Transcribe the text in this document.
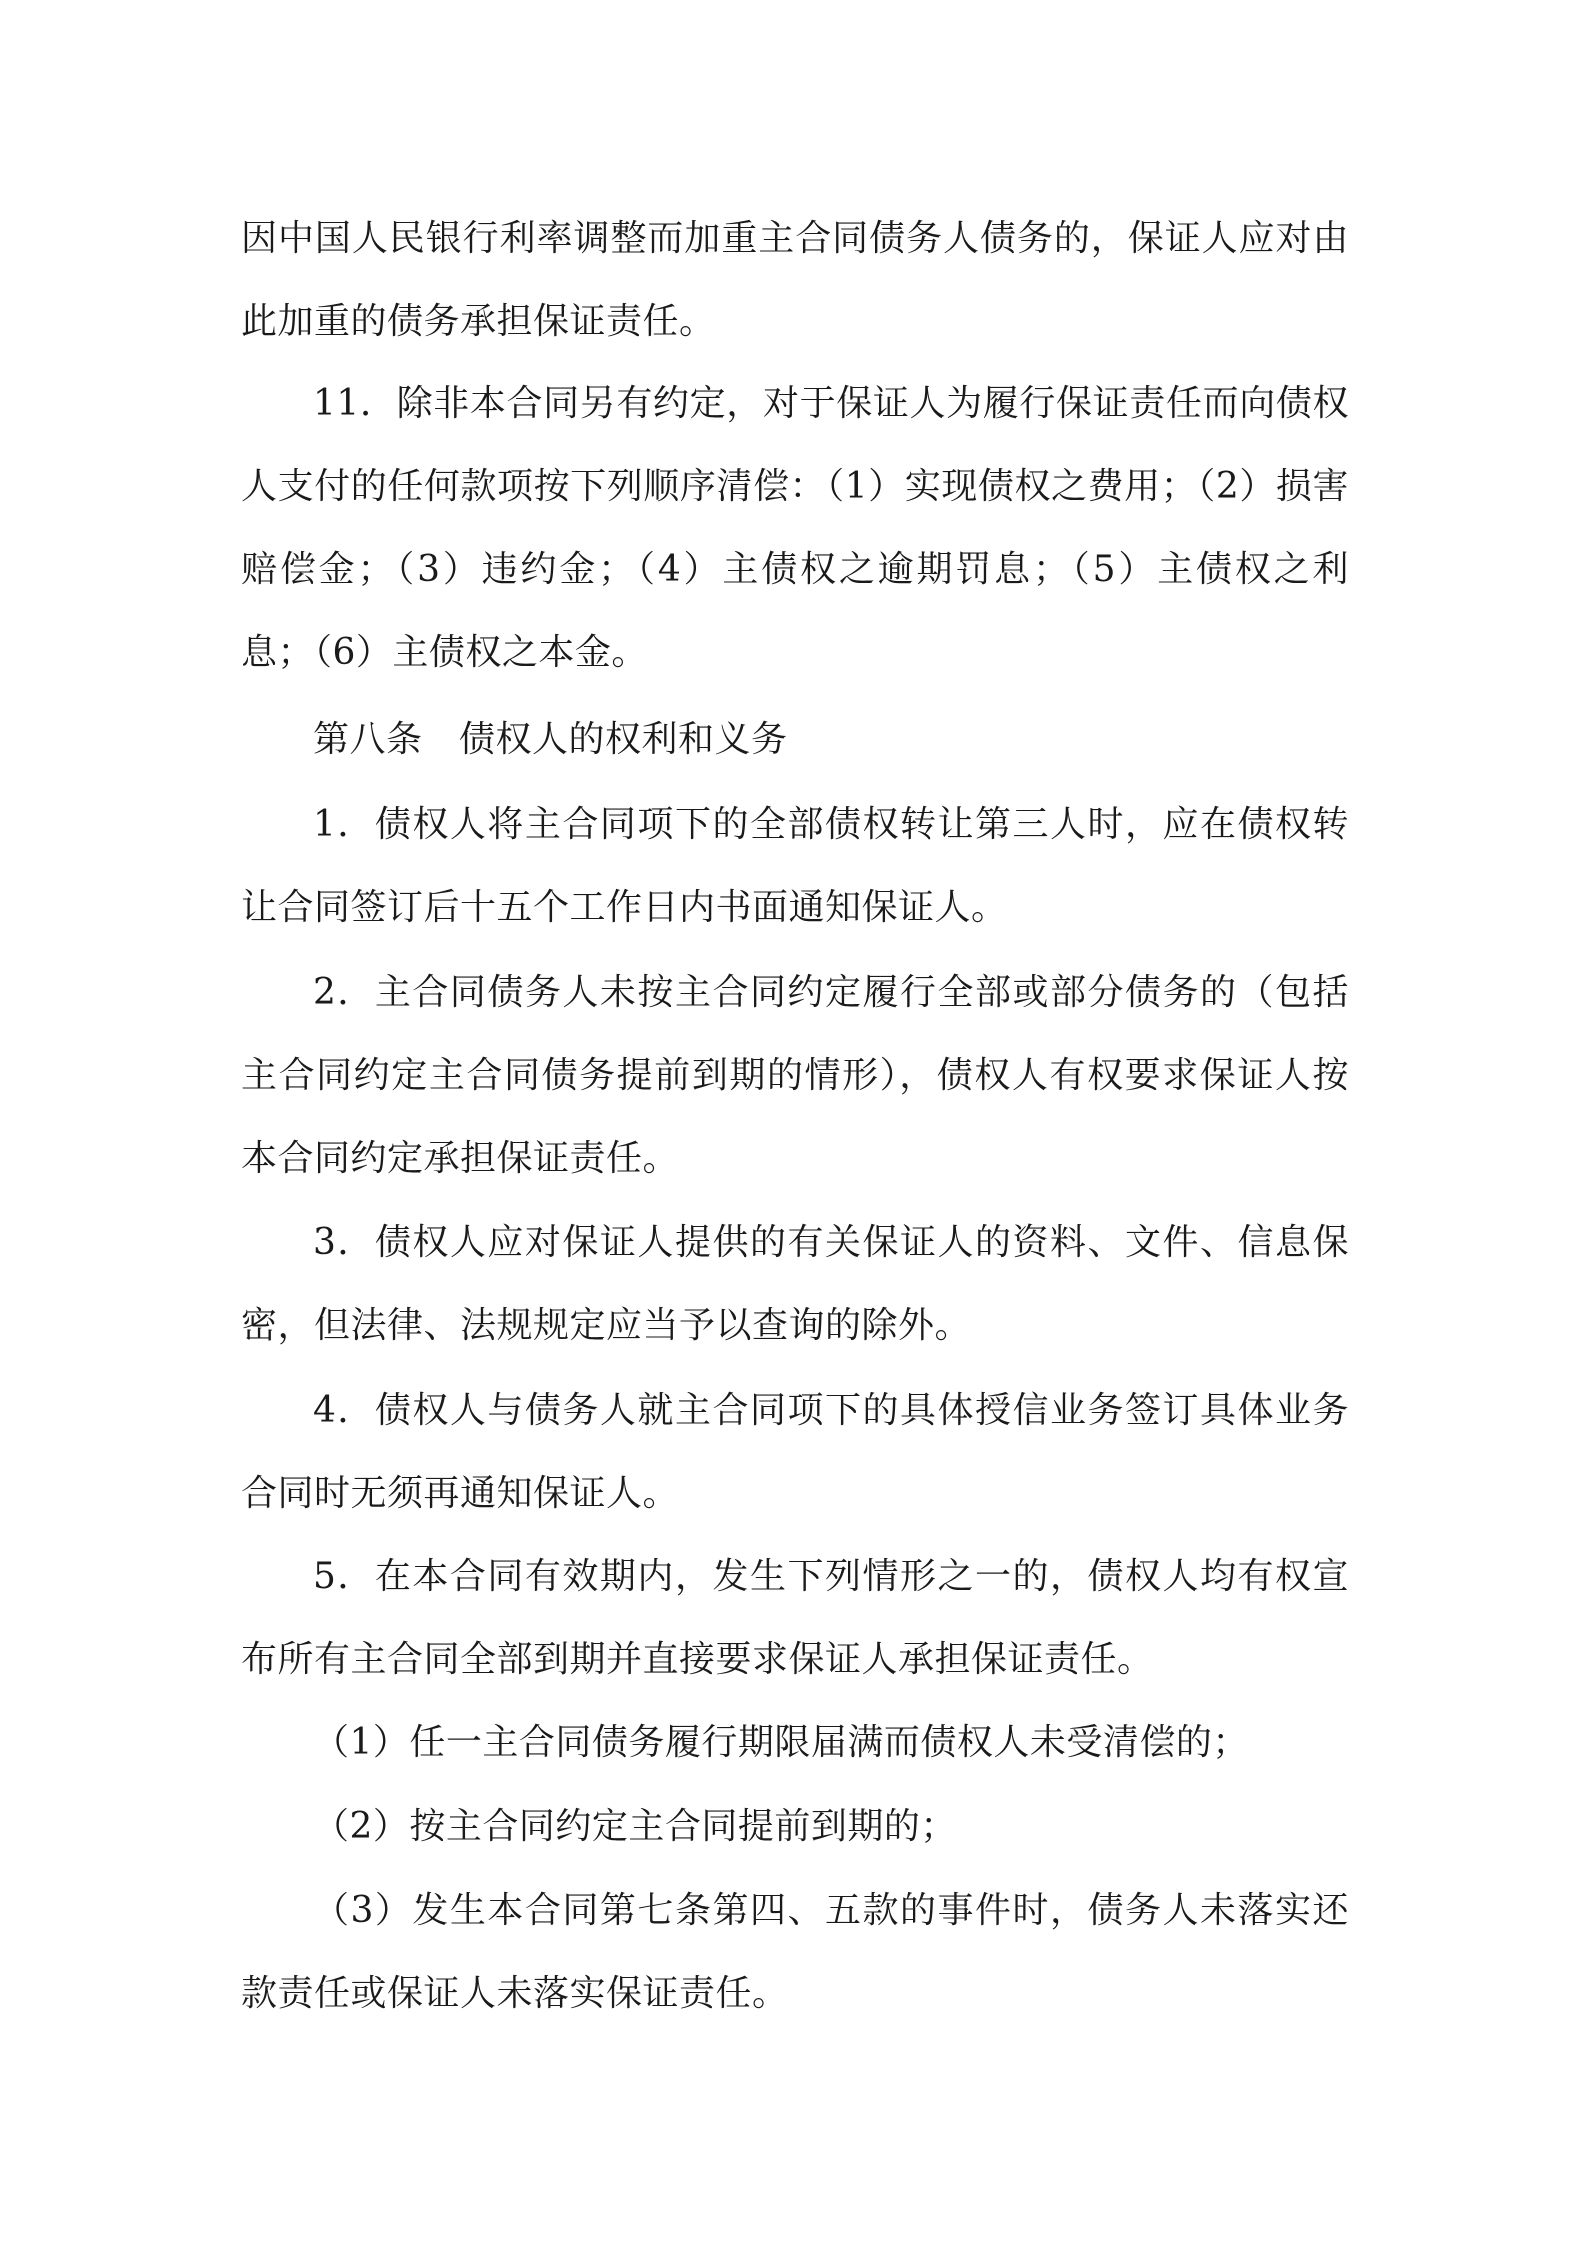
因中国人民银行利率调整而加重主合同债务人债务的，保证人应对由此加重的债务承担保证责任。

11．除非本合同另有约定，对于保证人为履行保证责任而向债权人支付的任何款项按下列顺序清偿：（1）实现债权之费用；（2）损害赔偿金；（3）违约金；（4）主债权之逾期罚息；（5）主债权之利息；（6）主债权之本金。

第八条　债权人的权利和义务

1．债权人将主合同项下的全部债权转让第三人时，应在债权转让合同签订后十五个工作日内书面通知保证人。

2．主合同债务人未按主合同约定履行全部或部分债务的（包括主合同约定主合同债务提前到期的情形），债权人有权要求保证人按本合同约定承担保证责任。

3．债权人应对保证人提供的有关保证人的资料、文件、信息保密，但法律、法规规定应当予以查询的除外。

4．债权人与债务人就主合同项下的具体授信业务签订具体业务合同时无须再通知保证人。

5．在本合同有效期内，发生下列情形之一的，债权人均有权宣布所有主合同全部到期并直接要求保证人承担保证责任。

（1）任一主合同债务履行期限届满而债权人未受清偿的；

（2）按主合同约定主合同提前到期的；

（3）发生本合同第七条第四、五款的事件时，债务人未落实还款责任或保证人未落实保证责任。
